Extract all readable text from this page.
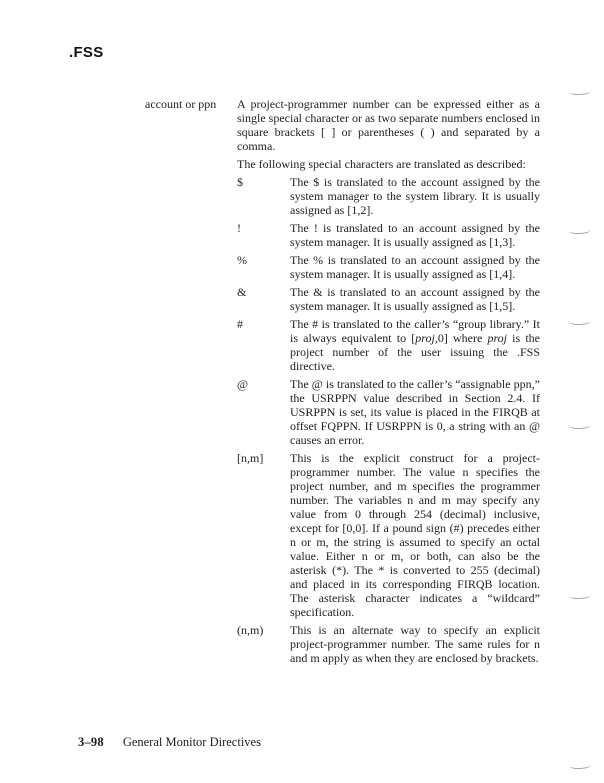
.FSS
account or ppn	A project-programmer number can be expressed either as a single special character or as two separate numbers enclosed in square brackets [ ] or parentheses ( ) and separated by a comma.
The following special characters are translated as described:
$	The $ is translated to the account assigned by the system manager to the system library. It is usually assigned as [1,2].
!	The ! is translated to an account assigned by the system manager. It is usually assigned as [1,3].
%	The % is translated to an account assigned by the system manager. It is usually assigned as [1,4].
&	The & is translated to an account assigned by the system manager. It is usually assigned as [1,5].
#	The # is translated to the caller’s “group library.” It is always equivalent to [proj,0] where proj is the project number of the user issuing the .FSS directive.
@	The @ is translated to the caller’s “assignable ppn,” the USRPPN value described in Section 2.4. If USRPPN is set, its value is placed in the FIRQB at offset FQPPN. If USRPPN is 0, a string with an @ causes an error.
[n,m]	This is the explicit construct for a project-programmer number. The value n specifies the project number, and m specifies the programmer number. The variables n and m may specify any value from 0 through 254 (decimal) inclusive, except for [0,0]. If a pound sign (#) precedes either n or m, the string is assumed to specify an octal value. Either n or m, or both, can also be the asterisk (*). The * is converted to 255 (decimal) and placed in its corresponding FIRQB location. The asterisk character indicates a “wildcard” specification.
(n,m)	This is an alternate way to specify an explicit project-programmer number. The same rules for n and m apply as when they are enclosed by brackets.
3–98 General Monitor Directives
